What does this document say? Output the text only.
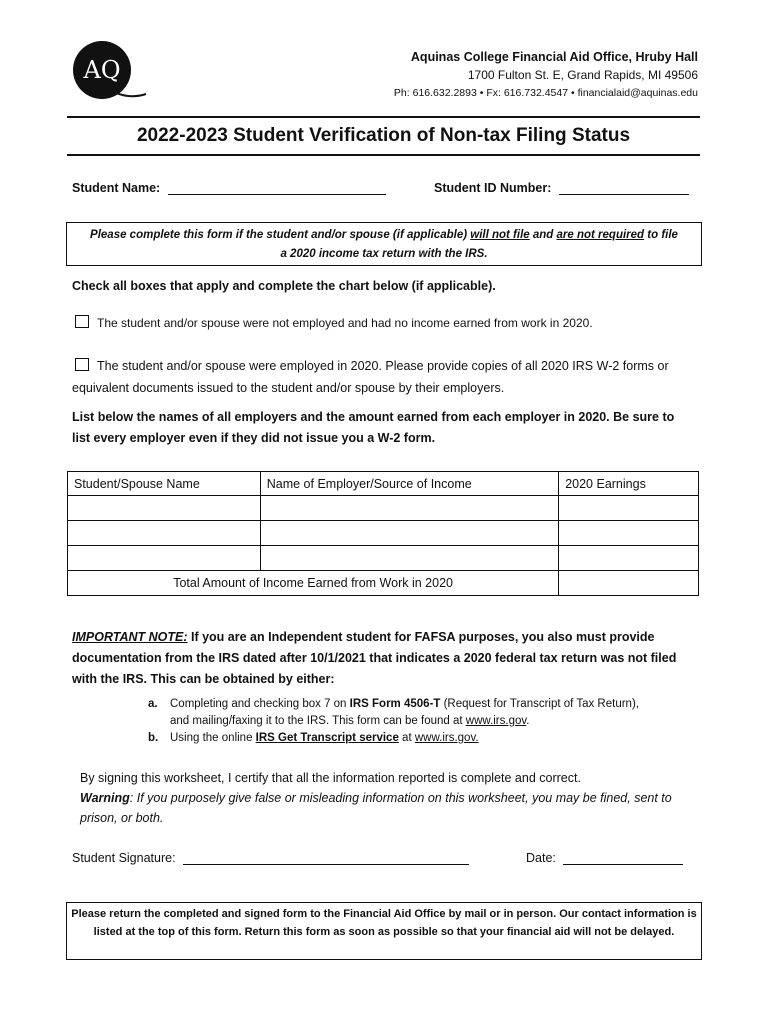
AQ	Aquinas College Financial Aid Office, Hruby Hall
1700 Fulton St. E, Grand Rapids, MI 49506
Ph: 616.632.2893 • Fx: 616.732.4547 • financialaid@aquinas.edu
2022-2023 Student Verification of Non-tax Filing Status
Student Name:	Student ID Number:
Please complete this form if the student and/or spouse (if applicable) will not file and are not required to file
a 2020 income tax return with the IRS.
Check all boxes that apply and complete the chart below (if applicable).
The student and/or spouse were not employed and had no income earned from work in 2020.
The student and/or spouse were employed in 2020. Please provide copies of all 2020 IRS W-2 forms or equivalent documents issued to the student and/or spouse by their employers.
List below the names of all employers and the amount earned from each employer in 2020. Be sure to list every employer even if they did not issue you a W-2 form.
Student/Spouse Name	Name of Employer/Source of Income	2020 Earnings

Total Amount of Income Earned from Work in 2020		
IMPORTANT NOTE: If you are an Independent student for FAFSA purposes, you also must provide documentation from the IRS dated after 10/1/2021 that indicates a 2020 federal tax return was not filed with the IRS. This can be obtained by either:
a. Completing and checking box 7 on IRS Form 4506-T (Request for Transcript of Tax Return),
and mailing/faxing it to the IRS. This form can be found at www.irs.gov.
b. Using the online IRS Get Transcript service at www.irs.gov.
By signing this worksheet, I certify that all the information reported is complete and correct.
Warning: If you purposely give false or misleading information on this worksheet, you may be fined, sent to prison, or both.
Student Signature:	Date:
Please return the completed and signed form to the Financial Aid Office by mail or in person. Our contact information is listed at the top of this form. Return this form as soon as possible so that your financial aid will not be delayed.
